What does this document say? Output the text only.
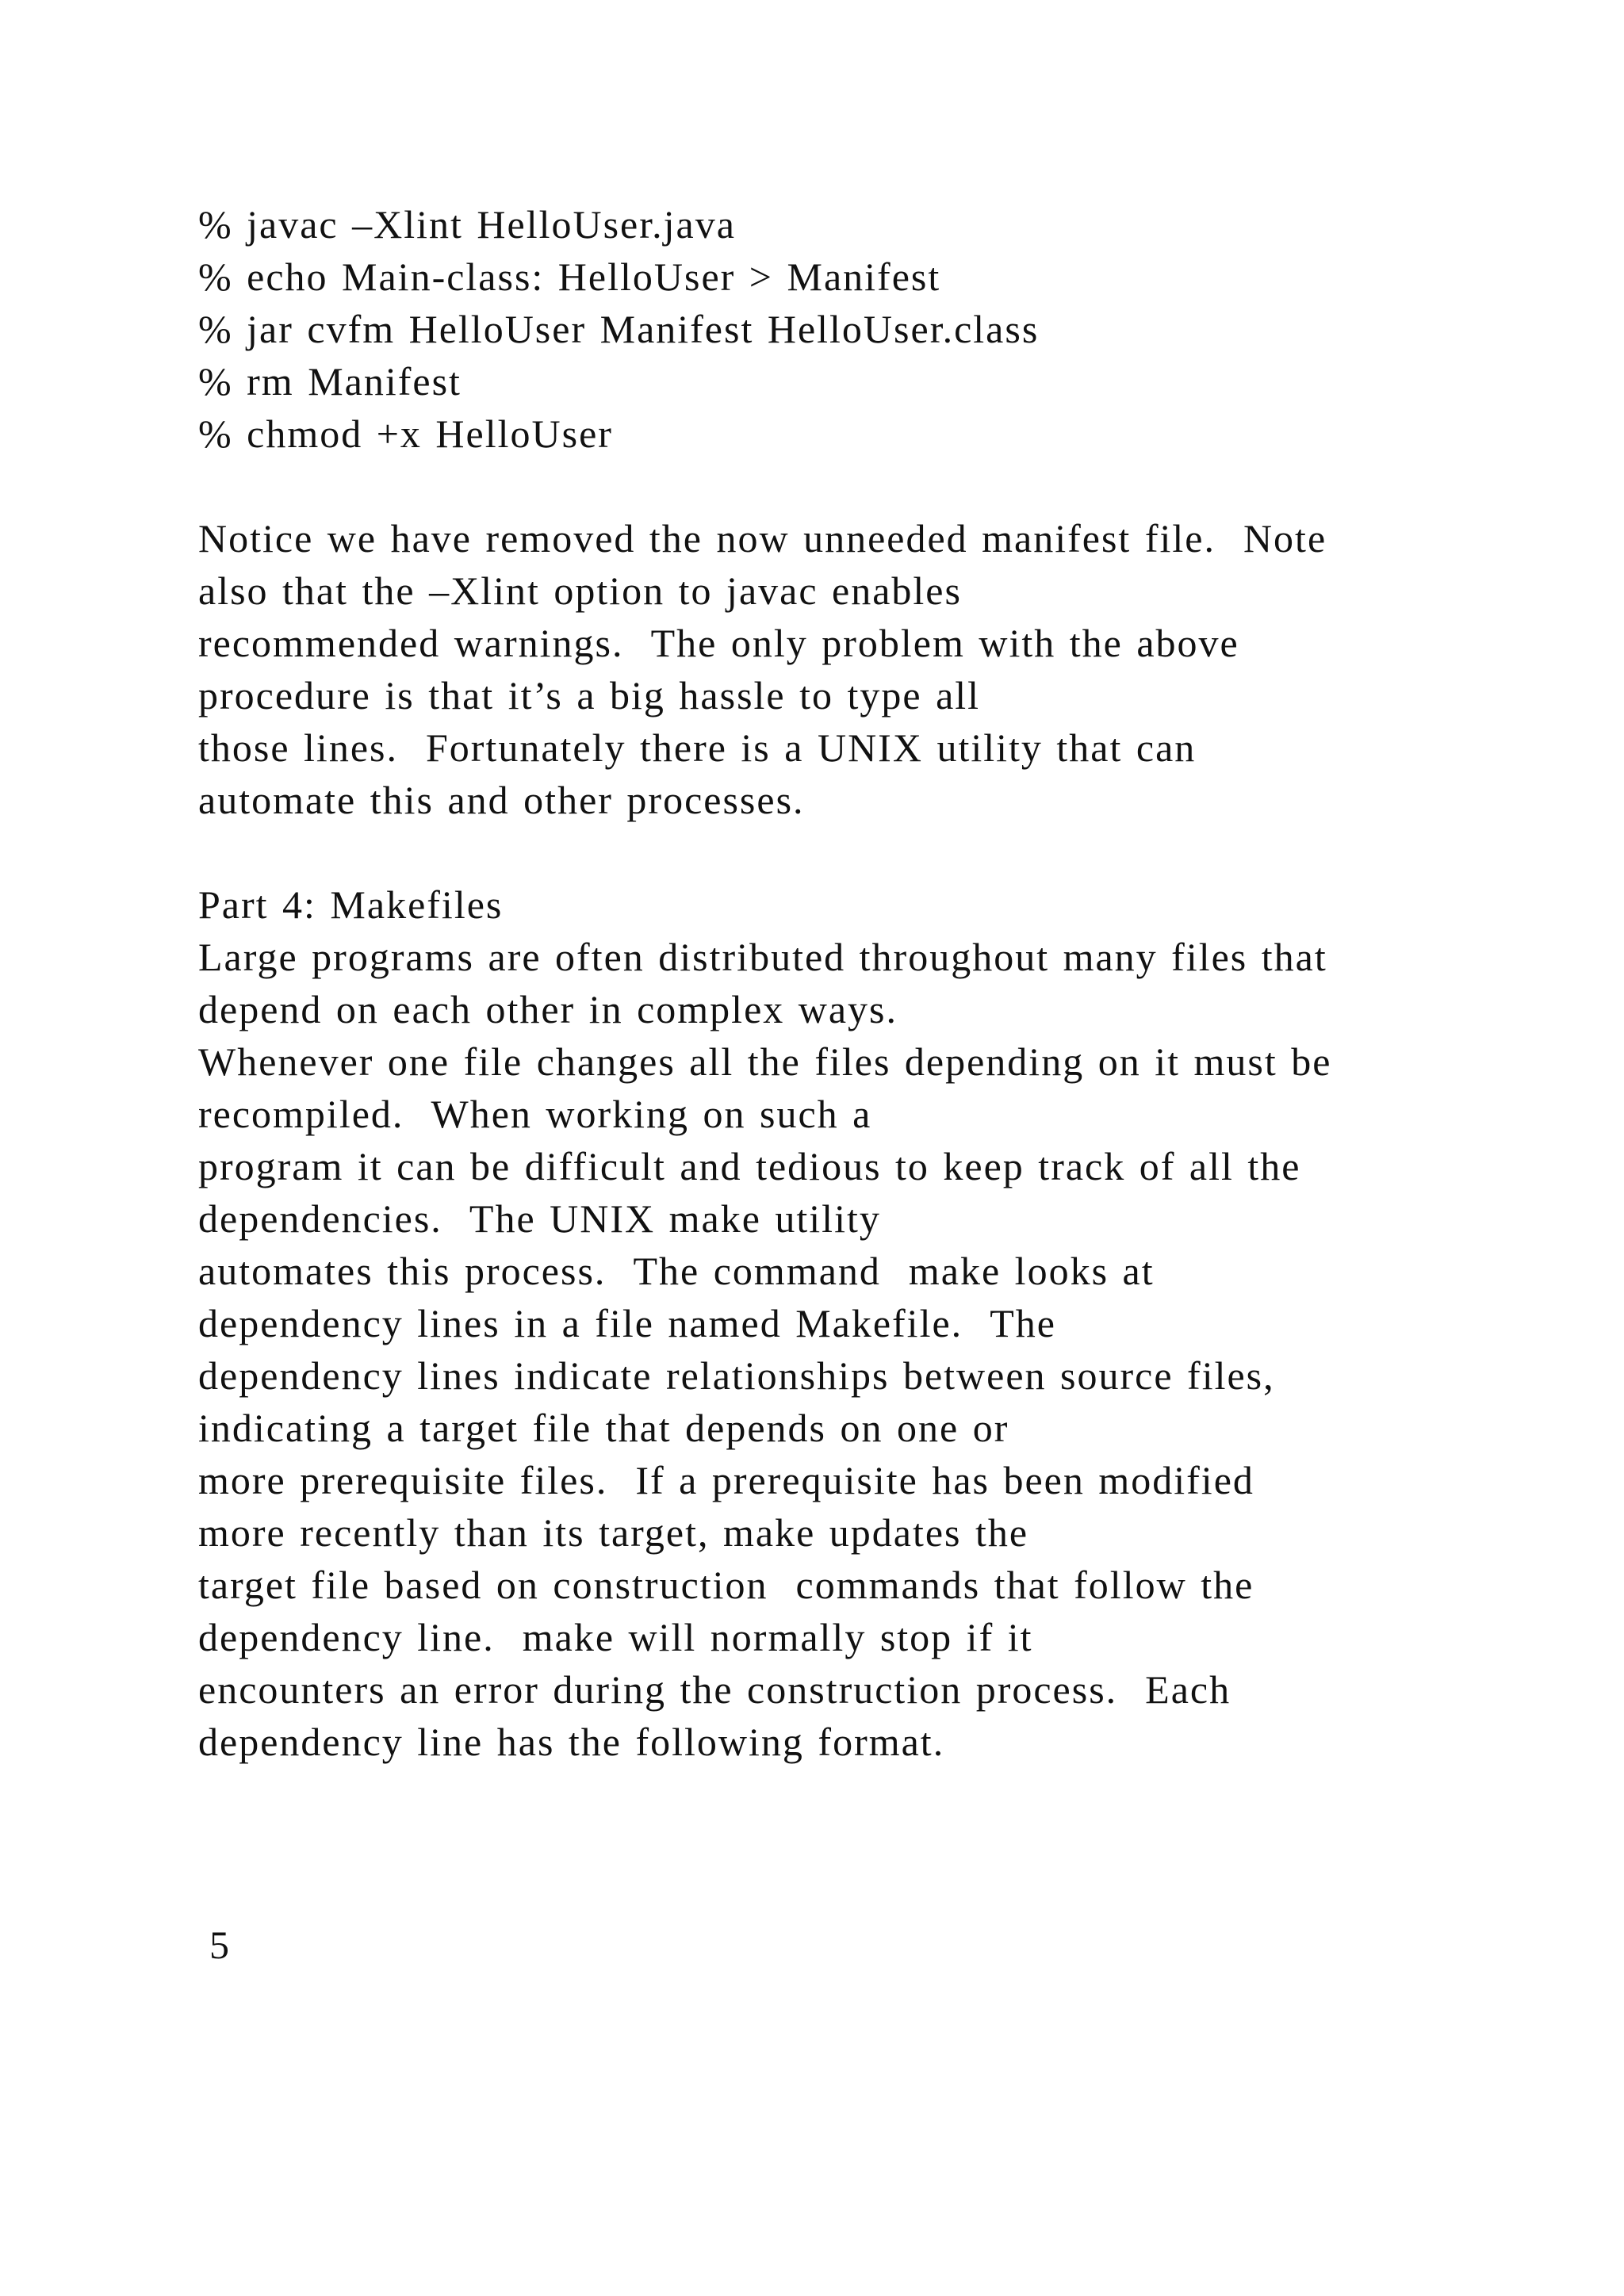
% javac –Xlint HelloUser.java
% echo Main-class: HelloUser > Manifest
% jar cvfm HelloUser Manifest HelloUser.class
% rm Manifest
% chmod +x HelloUser
Notice we have removed the now unneeded manifest file.  Note
also that the –Xlint option to javac enables
recommended warnings.  The only problem with the above
procedure is that it’s a big hassle to type all
those lines.  Fortunately there is a UNIX utility that can
automate this and other processes.
Part 4: Makefiles
Large programs are often distributed throughout many files that
depend on each other in complex ways.
Whenever one file changes all the files depending on it must be
recompiled.  When working on such a
program it can be difficult and tedious to keep track of all the
dependencies.  The UNIX make utility
automates this process.  The command  make looks at
dependency lines in a file named Makefile.  The
dependency lines indicate relationships between source files,
indicating a target file that depends on one or
more prerequisite files.  If a prerequisite has been modified
more recently than its target, make updates the
target file based on construction  commands that follow the
dependency line.  make will normally stop if it
encounters an error during the construction process.  Each
dependency line has the following format.
5
